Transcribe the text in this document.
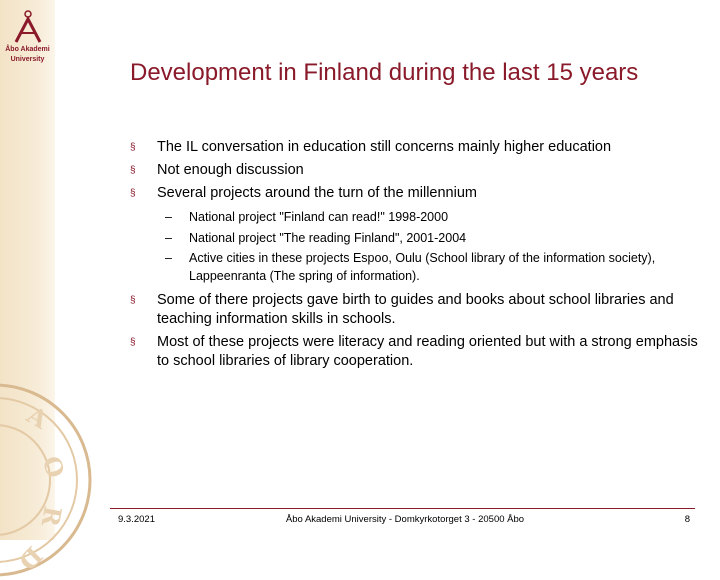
Åbo Akademi
University
A
O
R
D
Development in Finland during the last 15 years
§ The IL conversation in education still concerns mainly higher education
§ Not enough discussion
§ Several projects around the turn of the millennium
– National project "Finland can read!" 1998-2000
– National project "The reading Finland", 2001-2004
– Active cities in these projects Espoo, Oulu (School library of the information society), Lappeenranta (The spring of information).
§ Some of there projects gave birth to guides and books about school libraries and teaching information skills in schools.
§ Most of these projects were literacy and reading oriented but with a strong emphasis to school libraries of library cooperation.
9.3.2021	Åbo Akademi University - Domkyrkotorget 3 - 20500 Åbo	8
